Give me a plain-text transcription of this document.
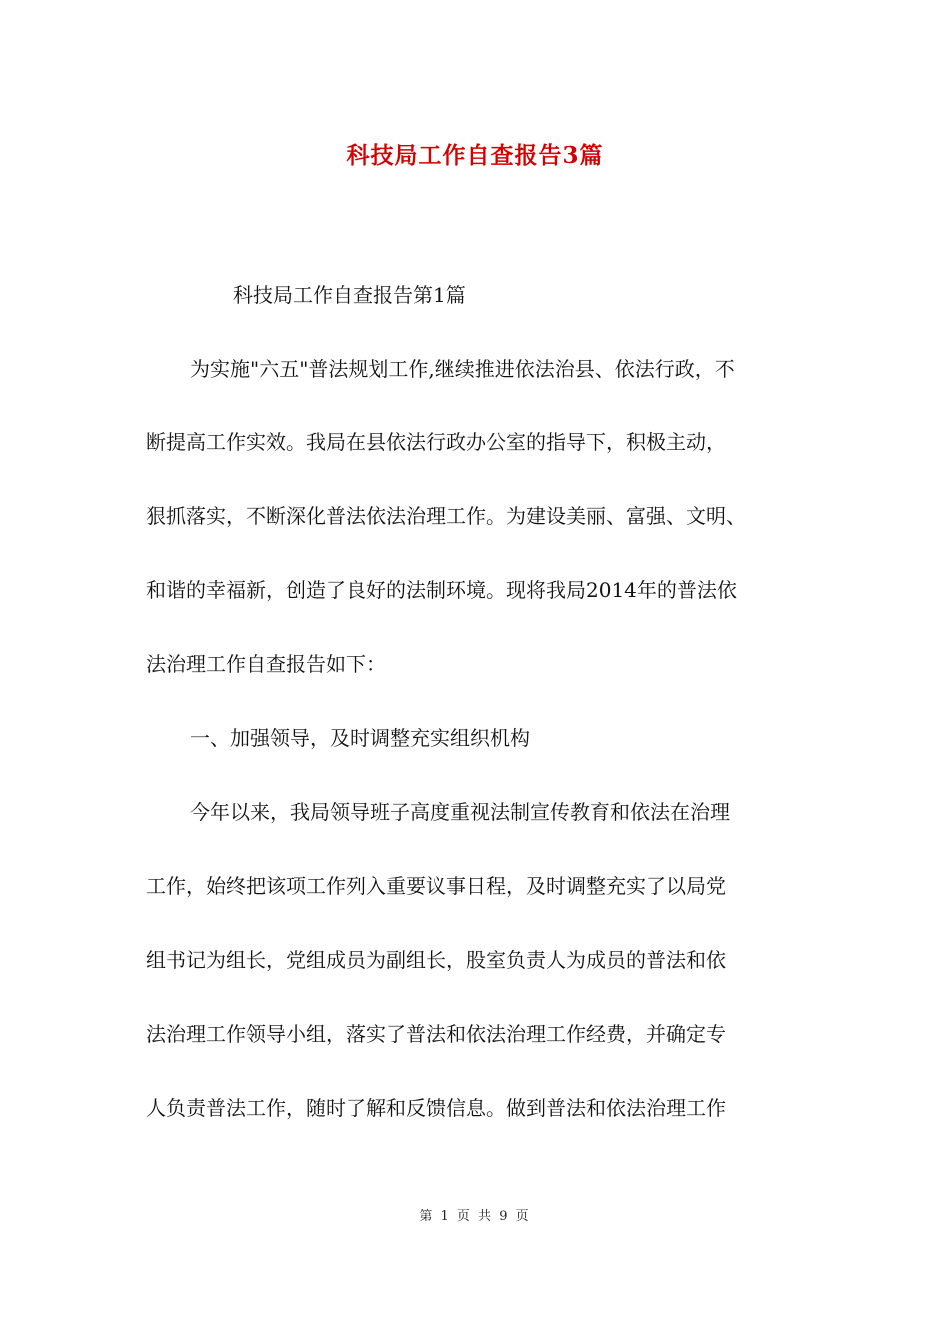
科技局工作自查报告3篇
科技局工作自查报告第1篇
为实施"六五"普法规划工作,继续推进依法治县、依法行政，不
断提高工作实效。我局在县依法行政办公室的指导下，积极主动，
狠抓落实，不断深化普法依法治理工作。为建设美丽、富强、文明、
和谐的幸福新，创造了良好的法制环境。现将我局2014年的普法依
法治理工作自查报告如下：
一、加强领导，及时调整充实组织机构
今年以来，我局领导班子高度重视法制宣传教育和依法在治理
工作，始终把该项工作列入重要议事日程，及时调整充实了以局党
组书记为组长，党组成员为副组长，股室负责人为成员的普法和依
法治理工作领导小组，落实了普法和依法治理工作经费，并确定专
人负责普法工作，随时了解和反馈信息。做到普法和依法治理工作
第 1 页 共 9 页
